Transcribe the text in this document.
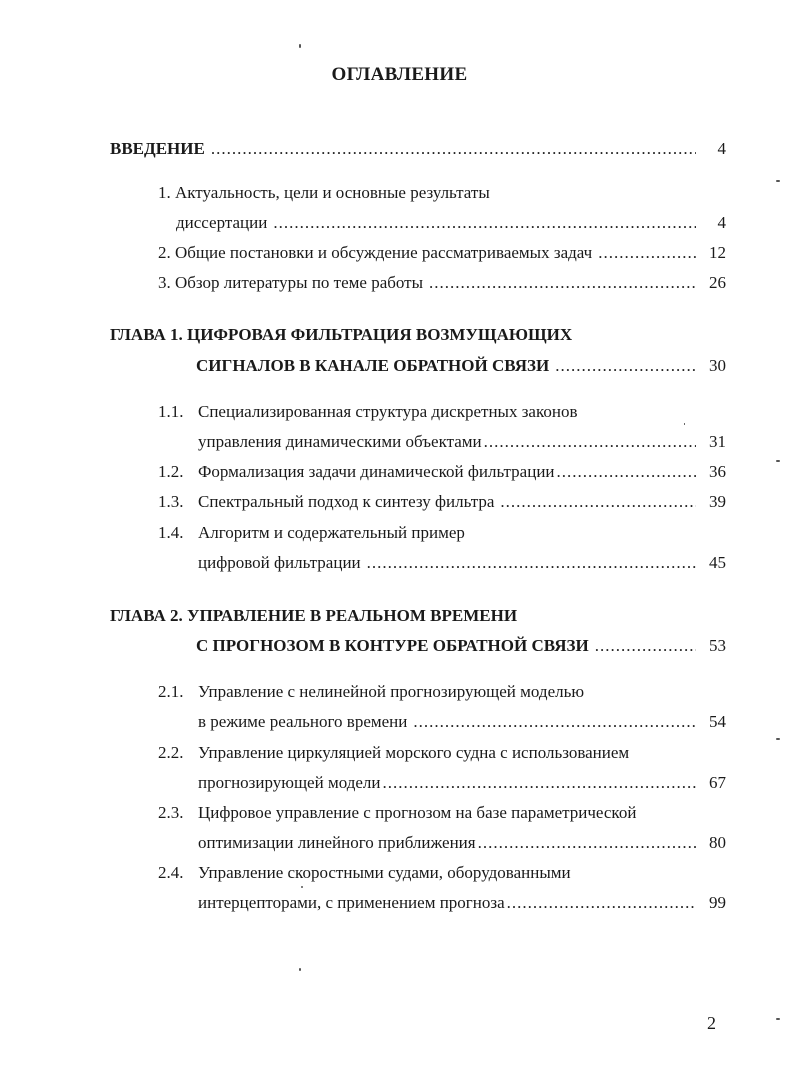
ОГЛАВЛЕНИЕ
ВВЕДЕНИЕ .....	4
1. Актуальность, цели и основные результаты
диссертации .....	4
2. Общие постановки и обсуждение рассматриваемых задач .....	12
3. Обзор литературы по теме работы .....	26
ГЛАВА 1. ЦИФРОВАЯ ФИЛЬТРАЦИЯ ВОЗМУЩАЮЩИХ
СИГНАЛОВ В КАНАЛЕ ОБРАТНОЙ СВЯЗИ .....	30
1.1. Специализированная структура дискретных законов
управления динамическими объектами .....	31
1.2. Формализация задачи динамической фильтрации .....	36
1.3. Спектральный подход к синтезу фильтра .....	39
1.4. Алгоритм и содержательный пример
цифровой фильтрации .....	45
ГЛАВА 2. УПРАВЛЕНИЕ В РЕАЛЬНОМ ВРЕМЕНИ
С ПРОГНОЗОМ В КОНТУРЕ ОБРАТНОЙ СВЯЗИ .....	53
2.1. Управление с нелинейной прогнозирующей моделью
в режиме реального времени .....	54
2.2. Управление циркуляцией морского судна с использованием
прогнозирующей модели .....	67
2.3. Цифровое управление с прогнозом на базе параметрической
оптимизации линейного приближения .....	80
2.4. Управление скоростными судами, оборудованными
интерцепторами, с применением прогноза .....	99
2
